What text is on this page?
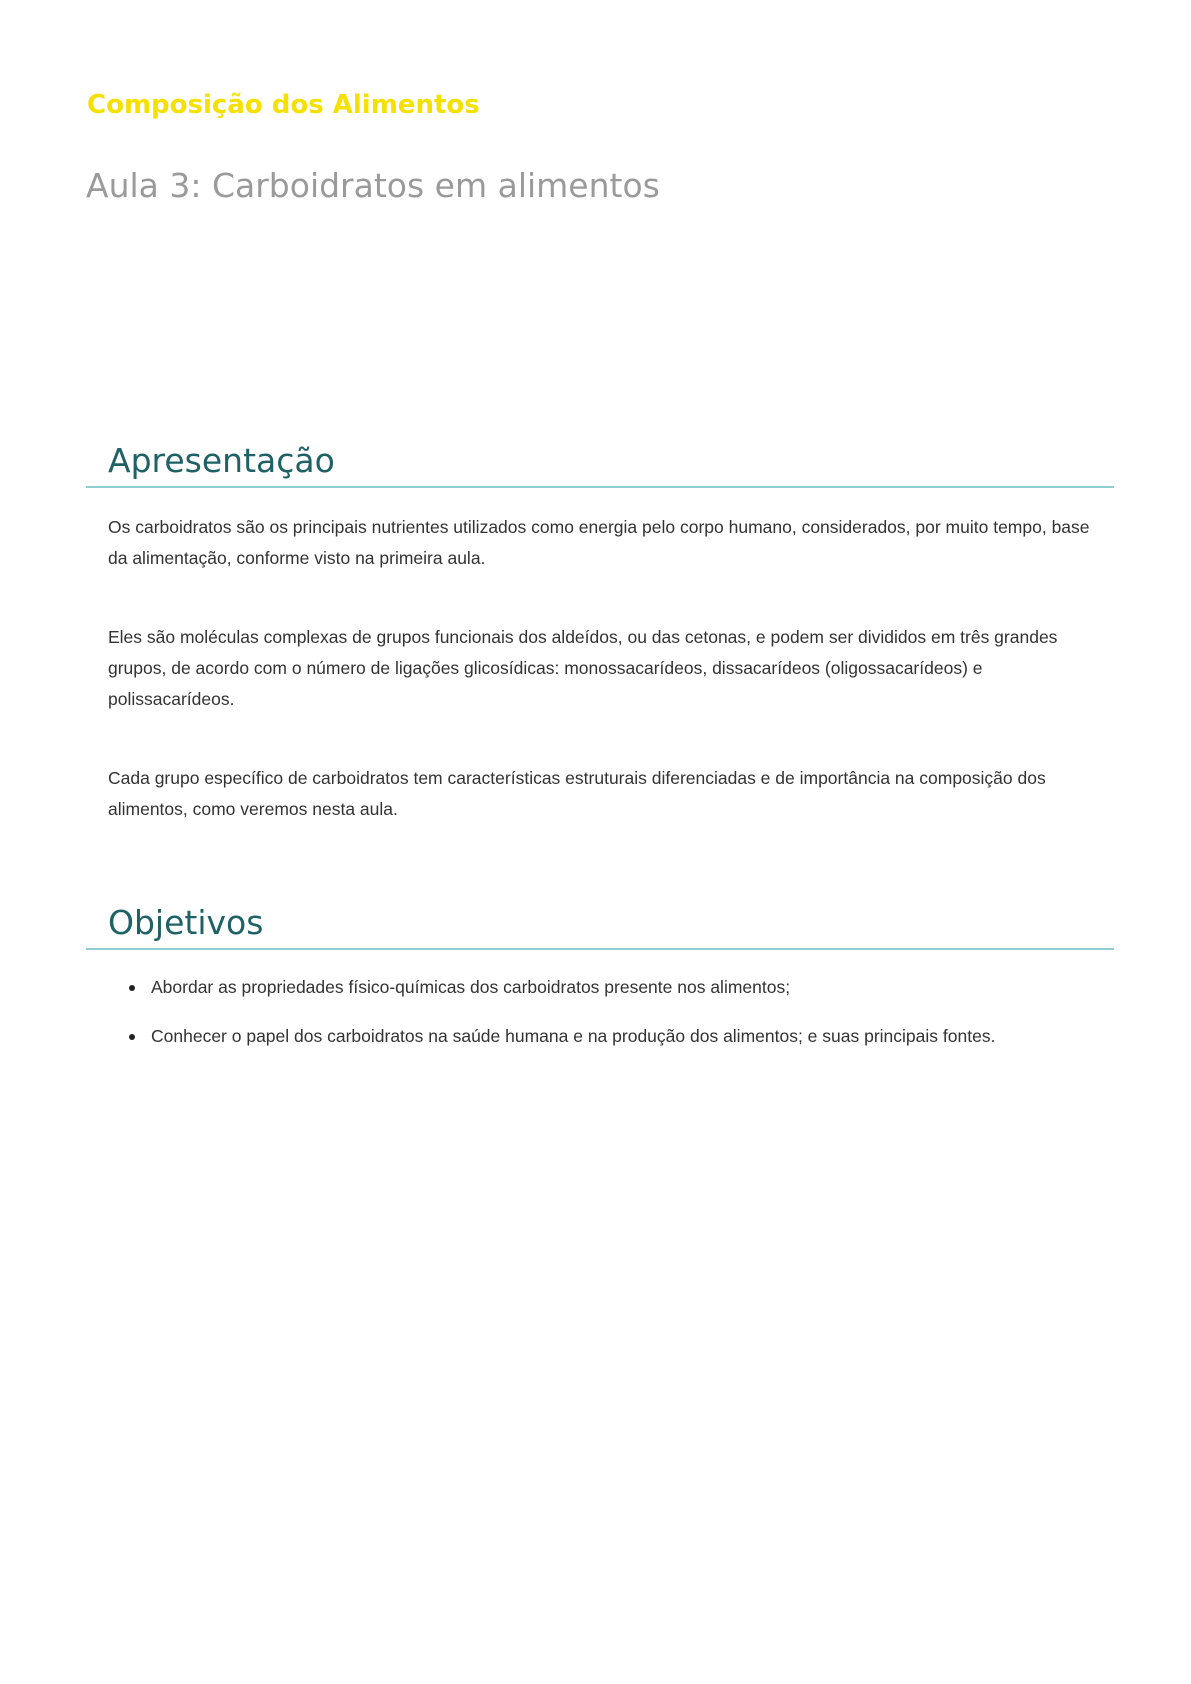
Composição dos Alimentos
Aula 3: Carboidratos em alimentos
Apresentação

Os carboidratos são os principais nutrientes utilizados como energia pelo corpo humano, considerados, por muito tempo, base da alimentação, conforme visto na primeira aula.

Eles são moléculas complexas de grupos funcionais dos aldeídos, ou das cetonas, e podem ser divididos em três grandes grupos, de acordo com o número de ligações glicosídicas: monossacarídeos, dissacarídeos (oligossacarídeos) e polissacarídeos.

Cada grupo específico de carboidratos tem características estruturais diferenciadas e de importância na composição dos alimentos, como veremos nesta aula.

Objetivos
Abordar as propriedades físico-químicas dos carboidratos presente nos alimentos;
Conhecer o papel dos carboidratos na saúde humana e na produção dos alimentos; e suas principais fontes.
